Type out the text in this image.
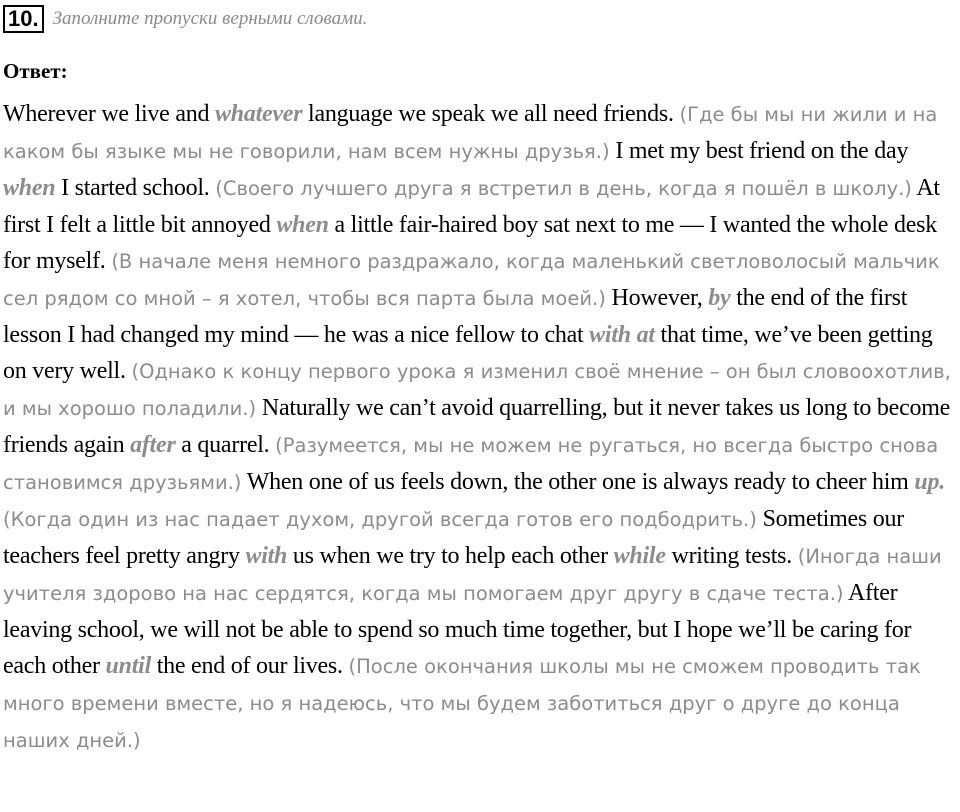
10. Заполните пропуски верными словами.
Ответ:
Wherever we live and whatever language we speak we all need friends. (Где бы мы ни жили и на каком бы языке мы не говорили, нам всем нужны друзья.) I met my best friend on the day when I started school. (Своего лучшего друга я встретил в день, когда я пошёл в школу.) At first I felt a little bit annoyed when a little fair-haired boy sat next to me — I wanted the whole desk for myself. (В начале меня немного раздражало, когда маленький светловолосый мальчик сел рядом со мной – я хотел, чтобы вся парта была моей.) However, by the end of the first lesson I had changed my mind — he was a nice fellow to chat with at that time, we’ve been getting on very well. (Однако к концу первого урока я изменил своё мнение – он был словоохотлив, и мы хорошо поладили.) Naturally we can’t avoid quarrelling, but it never takes us long to become friends again after a quarrel. (Разумеется, мы не можем не ругаться, но всегда быстро снова становимся друзьями.) When one of us feels down, the other one is always ready to cheer him up. (Когда один из нас падает духом, другой всегда готов его подбодрить.) Sometimes our teachers feel pretty angry with us when we try to help each other while writing tests. (Иногда наши учителя здорово на нас сердятся, когда мы помогаем друг другу в сдаче теста.) After leaving school, we will not be able to spend so much time together, but I hope we’ll be caring for each other until the end of our lives. (После окончания школы мы не сможем проводить так много времени вместе, но я надеюсь, что мы будем заботиться друг о друге до конца наших дней.)
